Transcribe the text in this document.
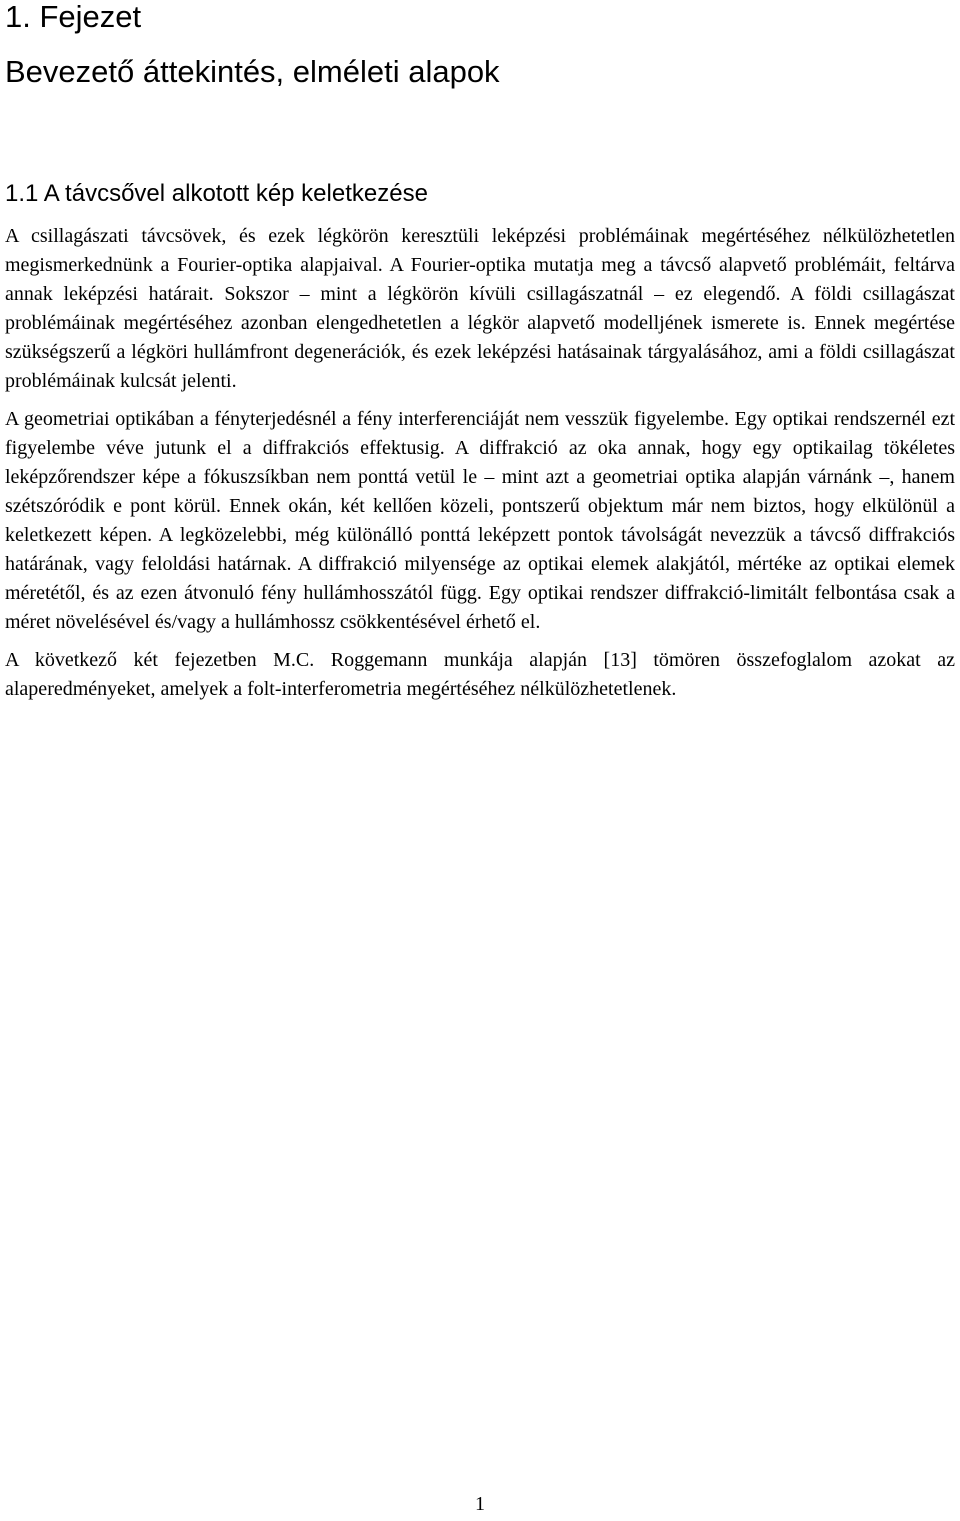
1. Fejezet
Bevezető áttekintés, elméleti alapok
1.1 A távcsővel alkotott kép keletkezése

A csillagászati távcsövek, és ezek légkörön keresztüli leképzési problémáinak megértéséhez nélkülözhetetlen megismerkednünk a Fourier-optika alapjaival. A Fourier-optika mutatja meg a távcső alapvető problémáit, feltárva annak leképzési határait. Sokszor – mint a légkörön kívüli csillagászatnál – ez elegendő. A földi csillagászat problémáinak megértéséhez azonban elengedhetetlen a légkör alapvető modelljének ismerete is. Ennek megértése szükségszerű a légköri hullámfront degenerációk, és ezek leképzési hatásainak tárgyalásához, ami a földi csillagászat problémáinak kulcsát jelenti.

A geometriai optikában a fényterjedésnél a fény interferenciáját nem vesszük figyelembe. Egy optikai rendszernél ezt figyelembe véve jutunk el a diffrakciós effektusig. A diffrakció az oka annak, hogy egy optikailag tökéletes leképzőrendszer képe a fókuszsíkban nem ponttá vetül le – mint azt a geometriai optika alapján várnánk –, hanem szétszóródik e pont körül. Ennek okán, két kellően közeli, pontszerű objektum már nem biztos, hogy elkülönül a keletkezett képen. A legközelebbi, még különálló ponttá leképzett pontok távolságát nevezzük a távcső diffrakciós határának, vagy feloldási határnak. A diffrakció milyensége az optikai elemek alakjától, mértéke az optikai elemek méretétől, és az ezen átvonuló fény hullámhosszától függ. Egy optikai rendszer diffrakció-limitált felbontása csak a méret növelésével és/vagy a hullámhossz csökkentésével érhető el.

A következő két fejezetben M.C. Roggemann munkája alapján [13] tömören összefoglalom azokat az alaperedményeket, amelyek a folt-interferometria megértéséhez nélkülözhetetlenek.

1
